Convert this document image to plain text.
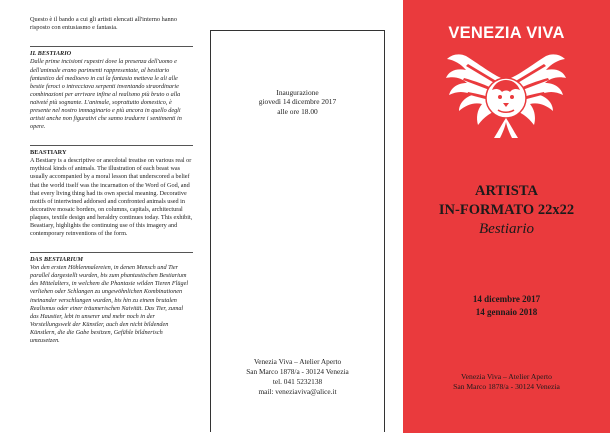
Questo è il bando a cui gli artisti elencati all'interno hanno risposto con entusiasmo e fantasia.

IL BESTIARIO

Dalle prime incisioni rupestri dove la presenza dell'uomo e dell'animale erano parimenti rappresentate, al bestiario fantastico del medioevo in cui la fantasia metteva le ali alle bestie feroci o intrecciava serpenti inventando straordinarie combinazioni per arrivare infine al realismo più bruto o alla naïveté più sognante. L'animale, soprattutto domestico, è presente nel nostro immaginario e più ancora in quello degli artisti anche non figurativi che sanno tradurre i sentimenti in opere.

BEASTIARY

A Bestiary is a descriptive or anecdotal treatise on various real or mythical kinds of animals. The illustration of each beast was usually accompanied by a moral lesson that underscored a belief that the world itself was the incarnation of the Word of God, and that every living thing had its own special meaning. Decorative motifs of intertwined addorsed and confronted animals used in decorative mosaic borders, on columns, capitals, architectural plaques, textile design and heraldry continues today. This exhibit, Beastiary, highlights the continuing use of this imagery and contemporary reinventions of the form.

DAS BESTIARIUM

Von den ersten Höhlenmalereien, in denen Mensch und Tier parallel dargestellt wurden, bis zum phantastischen Bestiarium des Mittelalters, in welchem die Phantasie wilden Tieren Flügel verliehen oder Schlangen zu ungewöhnlichen Kombinationen ineinander verschlungen wurden, bis hin zu einem brutalen Realismus oder einer träumerischen Naivität. Das Tier, zumal das Haustier, lebt in unserer und mehr noch in der Vorstellungswelt der Künstler, auch den nicht bildenden Künstlern, die die Gabe besitzen, Gefühle bildnerisch umzusetzen.

Inaugurazione
giovedì 14 dicembre 2017
alle ore 18.00
Venezia Viva – Atelier Aperto
San Marco 1878/a - 30124 Venezia
tel. 041 5232138
mail: veneziaviva@alice.it
VENEZIA VIVA
ARTISTA
IN-FORMATO 22x22
Bestiario
14 dicembre 2017
14 gennaio 2018
Venezia Viva – Atelier Aperto
San Marco 1878/a - 30124 Venezia
